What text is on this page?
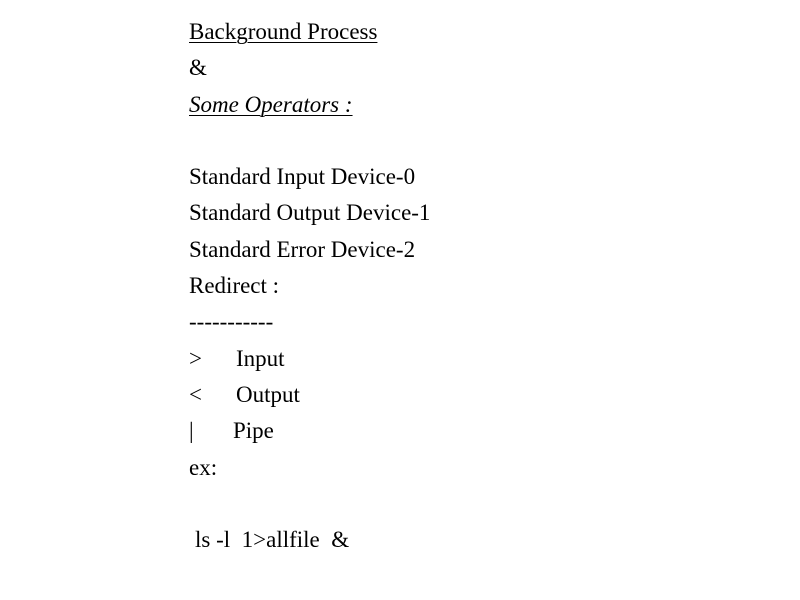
Background Process
&
Some Operators :
Standard Input Device-0
Standard Output Device-1
Standard Error Device-2
Redirect :
-----------
> Input
< Output
| Pipe
ex:
ls -l  1>allfile  &
